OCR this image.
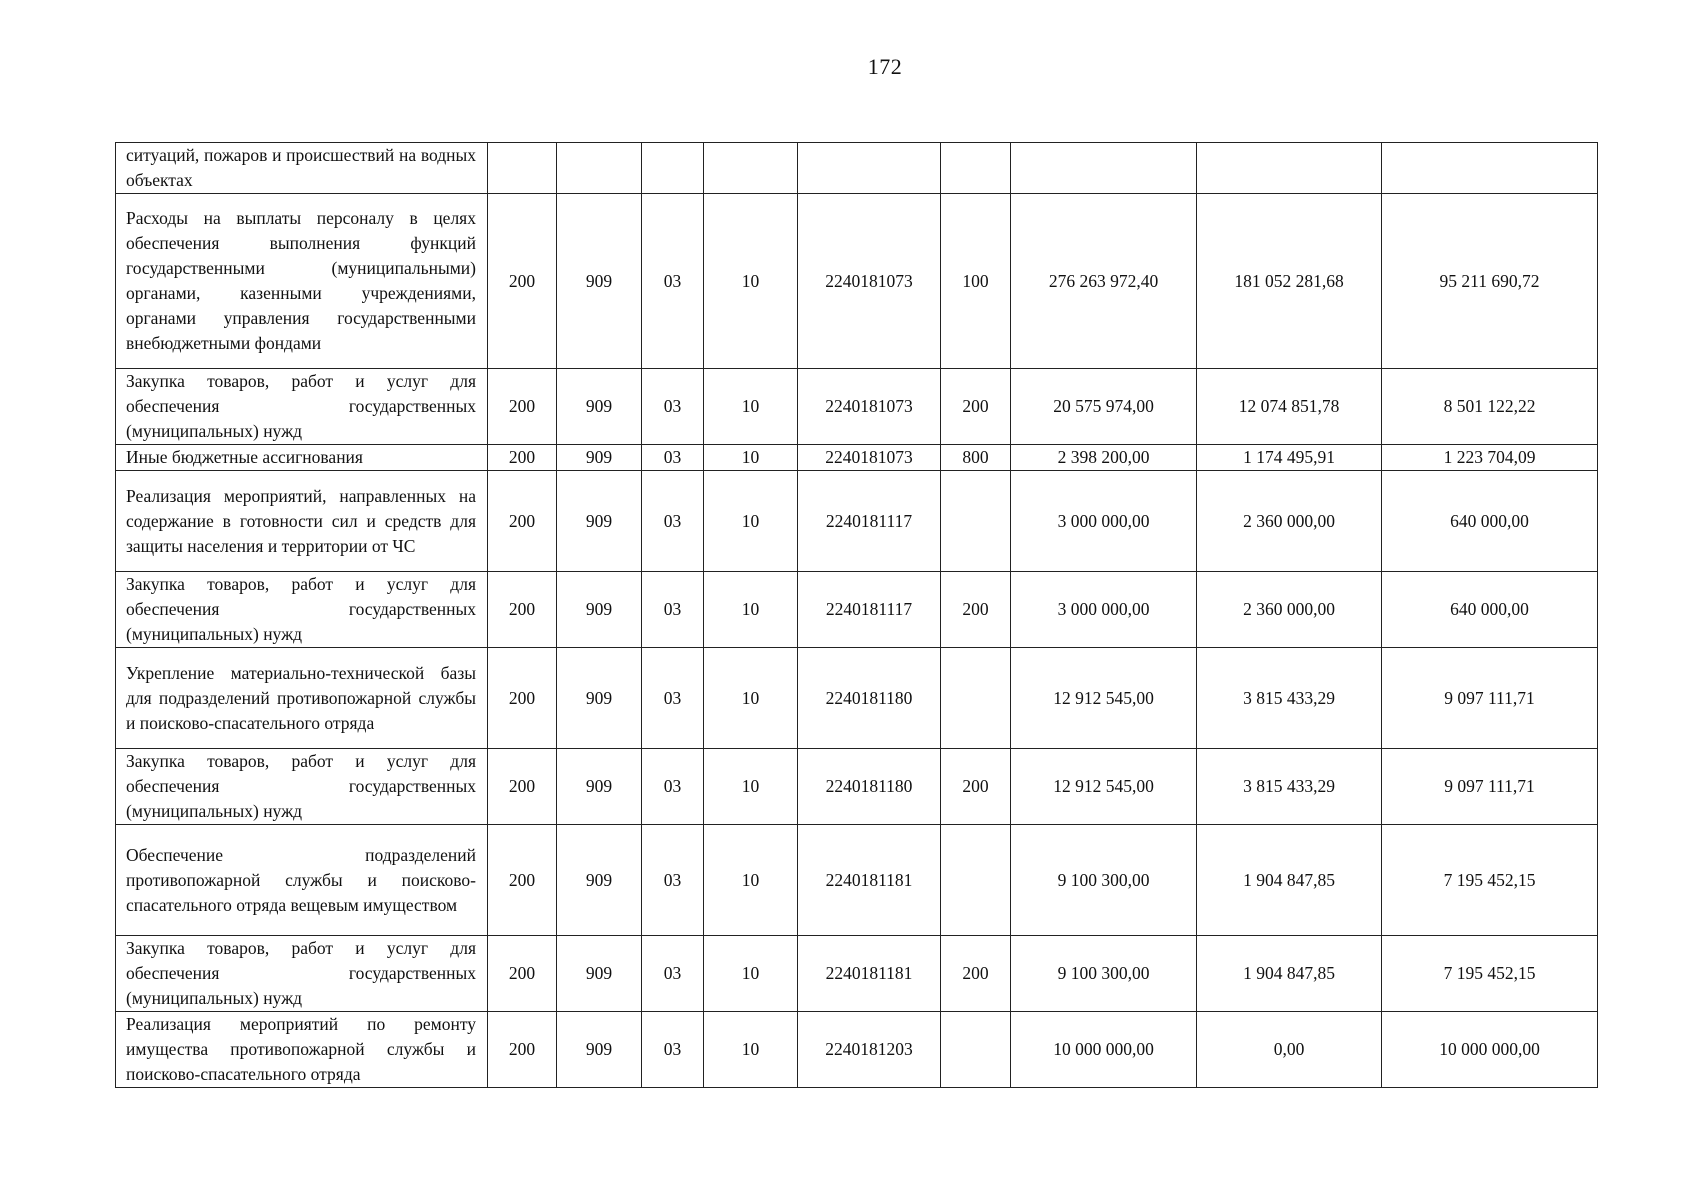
172
ситуаций, пожаров и происшествий на водных объектах									
Расходы на выплаты персоналу в целях обеспечения выполнения функций государственными (муниципальными) органами, казенными учреждениями, органами управления государственными внебюджетными фондами	200	909	03	10	2240181073	100	276 263 972,40	181 052 281,68	95 211 690,72
Закупка товаров, работ и услуг для обеспечения государственных (муниципальных) нужд	200	909	03	10	2240181073	200	20 575 974,00	12 074 851,78	8 501 122,22
Иные бюджетные ассигнования	200	909	03	10	2240181073	800	2 398 200,00	1 174 495,91	1 223 704,09
Реализация мероприятий, направленных на содержание в готовности сил и средств для защиты населения и территории от ЧС	200	909	03	10	2240181117		3 000 000,00	2 360 000,00	640 000,00
Закупка товаров, работ и услуг для обеспечения государственных (муниципальных) нужд	200	909	03	10	2240181117	200	3 000 000,00	2 360 000,00	640 000,00
Укрепление материально-технической базы для подразделений противопожарной службы и поисково-спасательного отряда	200	909	03	10	2240181180		12 912 545,00	3 815 433,29	9 097 111,71
Закупка товаров, работ и услуг для обеспечения государственных (муниципальных) нужд	200	909	03	10	2240181180	200	12 912 545,00	3 815 433,29	9 097 111,71
Обеспечение подразделений противопожарной службы и поисково-спасательного отряда вещевым имуществом	200	909	03	10	2240181181		9 100 300,00	1 904 847,85	7 195 452,15
Закупка товаров, работ и услуг для обеспечения государственных (муниципальных) нужд	200	909	03	10	2240181181	200	9 100 300,00	1 904 847,85	7 195 452,15
Реализация мероприятий по ремонту имущества противопожарной службы и поисково-спасательного отряда	200	909	03	10	2240181203		10 000 000,00	0,00	10 000 000,00
